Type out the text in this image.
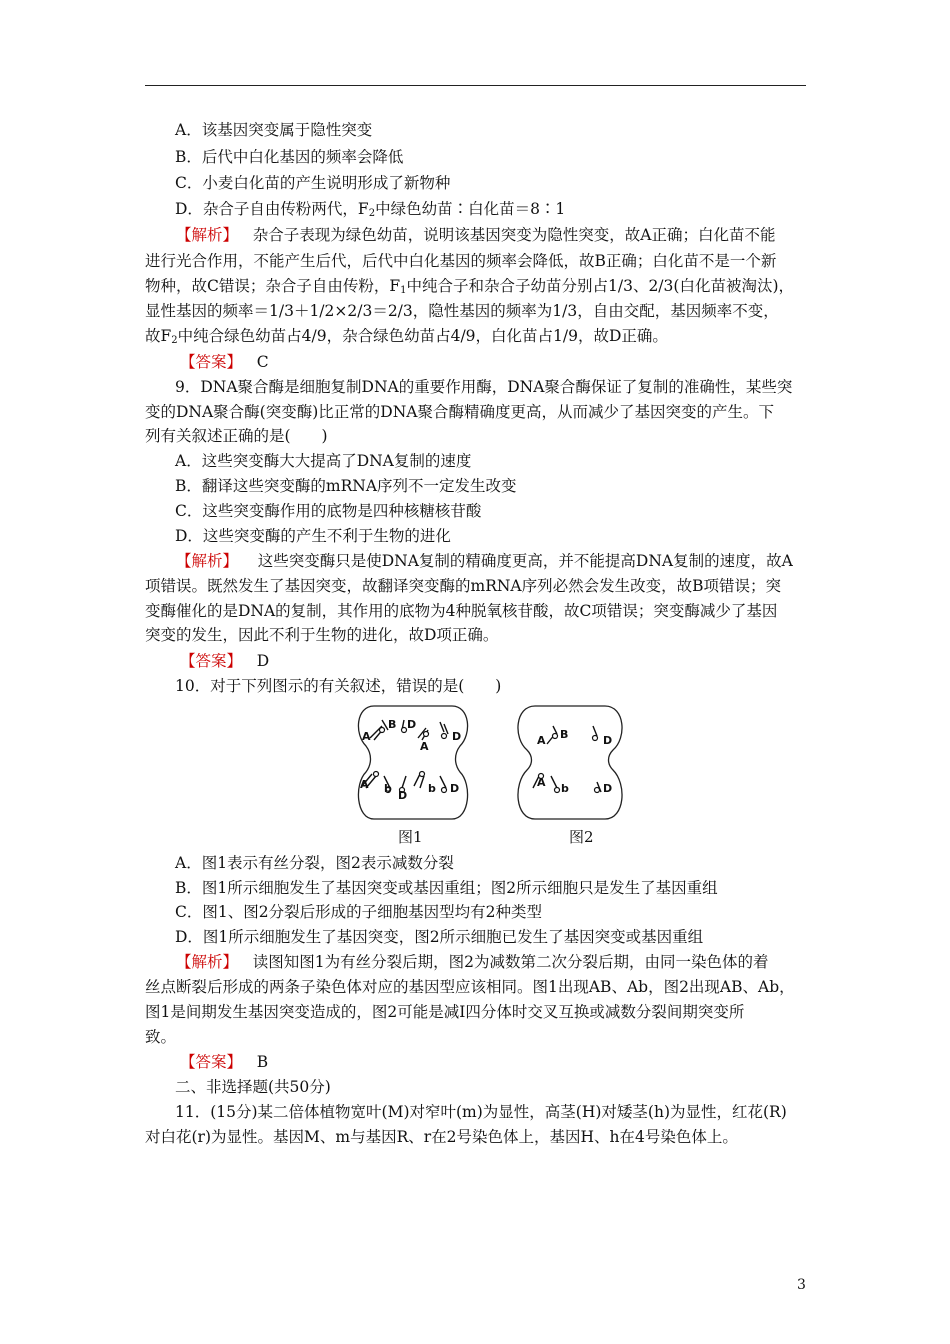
A．该基因突变属于隐性突变
B．后代中白化基因的频率会降低
C．小麦白化苗的产生说明形成了新物种
D．杂合子自由传粉两代，$F_2$中绿色幼苗∶白化苗＝8∶1
【解析】 杂合子表现为绿色幼苗，说明该基因突变为隐性突变，故A正确；白化苗不能
进行光合作用，不能产生后代，后代中白化基因的频率会降低，故B正确；白化苗不是一个新
物种，故C错误；杂合子自由传粉，$F_1$中纯合子和杂合子幼苗分别占1/3、2/3(白化苗被淘汰)，
显性基因的频率＝1/3＋1/2×2/3＝2/3，隐性基因的频率为1/3，自由交配，基因频率不变，
故$F_2$中纯合绿色幼苗占4/9，杂合绿色幼苗占4/9，白化苗占1/9，故D正确。
【答案】 C
9．DNA聚合酶是细胞复制DNA的重要作用酶，DNA聚合酶保证了复制的准确性，某些突
变的DNA聚合酶(突变酶)比正常的DNA聚合酶精确度更高，从而减少了基因突变的产生。下
列有关叙述正确的是(　　)
A．这些突变酶大大提高了DNA复制的速度
B．翻译这些突变酶的mRNA序列不一定发生改变
C．这些突变酶作用的底物是四种核糖核苷酸
D．这些突变酶的产生不利于生物的进化
【解析】 这些突变酶只是使DNA复制的精确度更高，并不能提高DNA复制的速度，故A
项错误。既然发生了基因突变，故翻译突变酶的mRNA序列必然会发生改变，故B项错误；突
变酶催化的是DNA的复制，其作用的底物为4种脱氧核苷酸，故C项错误；突变酶减少了基因
突变的发生，因此不利于生物的进化，故D项正确。
【答案】 D
10．对于下列图示的有关叙述，错误的是(　　)
A
B D
A
D
A b
D
b D
A B	D
A b	D
图1	图2
A．图1表示有丝分裂，图2表示减数分裂
B．图1所示细胞发生了基因突变或基因重组；图2所示细胞只是发生了基因重组
C．图1、图2分裂后形成的子细胞基因型均有2种类型
D．图1所示细胞发生了基因突变，图2所示细胞已发生了基因突变或基因重组
【解析】 读图知图1为有丝分裂后期，图2为减数第二次分裂后期，由同一染色体的着
丝点断裂后形成的两条子染色体对应的基因型应该相同。图1出现AB、Ab，图2出现AB、Ab，
图1是间期发生基因突变造成的，图2可能是减Ⅰ四分体时交叉互换或减数分裂间期突变所
致。
【答案】 B
二、非选择题(共50分)
11．(15分)某二倍体植物宽叶(M)对窄叶(m)为显性，高茎(H)对矮茎(h)为显性，红花(R)
对白花(r)为显性。基因M、m与基因R、r在2号染色体上，基因H、h在4号染色体上。
3
